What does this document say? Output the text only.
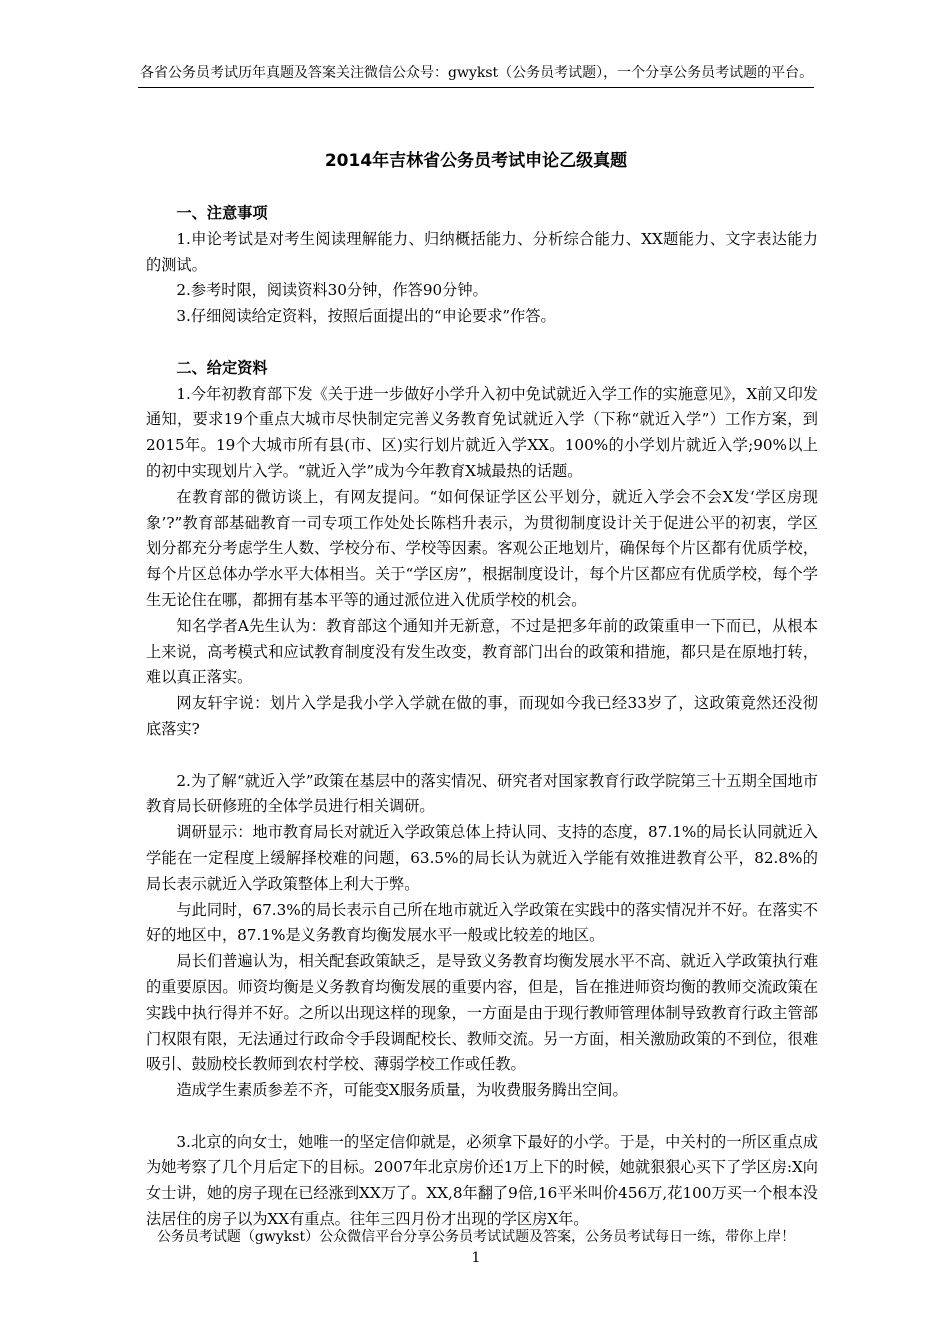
各省公务员考试历年真题及答案关注微信公众号：gwykst（公务员考试题），一个分享公务员考试题的平台。
2014年吉林省公务员考试申论乙级真题
一、注意事项

1.申论考试是对考生阅读理解能力、归纳概括能力、分析综合能力、XX题能力、文字表达能力的测试。

2.参考时限，阅读资料30分钟，作答90分钟。

3.仔细阅读给定资料，按照后面提出的“申论要求”作答。

二、给定资料

1.今年初教育部下发《关于进一步做好小学升入初中免试就近入学工作的实施意见》，X前又印发通知，要求19个重点大城市尽快制定完善义务教育免试就近入学（下称“就近入学”）工作方案，到2015年。19个大城市所有县(市、区)实行划片就近入学XX。100%的小学划片就近入学;90%以上的初中实现划片入学。“就近入学”成为今年教育X城最热的话题。

在教育部的微访谈上，有网友提问。“如何保证学区公平划分，就近入学会不会X发‘学区房现象’?”教育部基础教育一司专项工作处处长陈档升表示，为贯彻制度设计关于促进公平的初衷，学区划分都充分考虑学生人数、学校分布、学校等因素。客观公正地划片，确保每个片区都有优质学校，每个片区总体办学水平大体相当。关于“学区房”，根据制度设计，每个片区都应有优质学校，每个学生无论住在哪，都拥有基本平等的通过派位进入优质学校的机会。

知名学者A先生认为：教育部这个通知并无新意，不过是把多年前的政策重申一下而已，从根本上来说，高考模式和应试教育制度没有发生改变，教育部门出台的政策和措施，都只是在原地打转，难以真正落实。

网友轩宇说：划片入学是我小学入学就在做的事，而现如今我已经33岁了，这政策竟然还没彻底落实?

2.为了解“就近入学”政策在基层中的落实情况、研究者对国家教育行政学院第三十五期全国地市教育局长研修班的全体学员进行相关调研。

调研显示：地市教育局长对就近入学政策总体上持认同、支持的态度，87.1%的局长认同就近入学能在一定程度上缓解择校难的问题，63.5%的局长认为就近入学能有效推进教育公平，82.8%的局长表示就近入学政策整体上利大于弊。

与此同时，67.3%的局长表示自己所在地市就近入学政策在实践中的落实情况并不好。在落实不好的地区中，87.1%是义务教育均衡发展水平一般或比较差的地区。

局长们普遍认为，相关配套政策缺乏，是导致义务教育均衡发展水平不高、就近入学政策执行难的重要原因。师资均衡是义务教育均衡发展的重要内容，但是，旨在推进师资均衡的教师交流政策在实践中执行得并不好。之所以出现这样的现象，一方面是由于现行教师管理体制导致教育行政主管部门权限有限，无法通过行政命令手段调配校长、教师交流。另一方面，相关激励政策的不到位，很难吸引、鼓励校长教师到农村学校、薄弱学校工作或任教。

造成学生素质参差不齐，可能变X服务质量，为收费服务腾出空间。

3.北京的向女士，她唯一的坚定信仰就是，必须拿下最好的小学。于是，中关村的一所区重点成为她考察了几个月后定下的目标。2007年北京房价还1万上下的时候，她就狠狠心买下了学区房:X向女士讲，她的房子现在已经涨到XX万了。XX,8年翻了9倍,16平米叫价456万,花100万买一个根本没法居住的房子以为XX有重点。往年三四月份才出现的学区房X年。

公务员考试题（gwykst）公众微信平台分享公务员考试试题及答案，公务员考试每日一练，带你上岸！
1
